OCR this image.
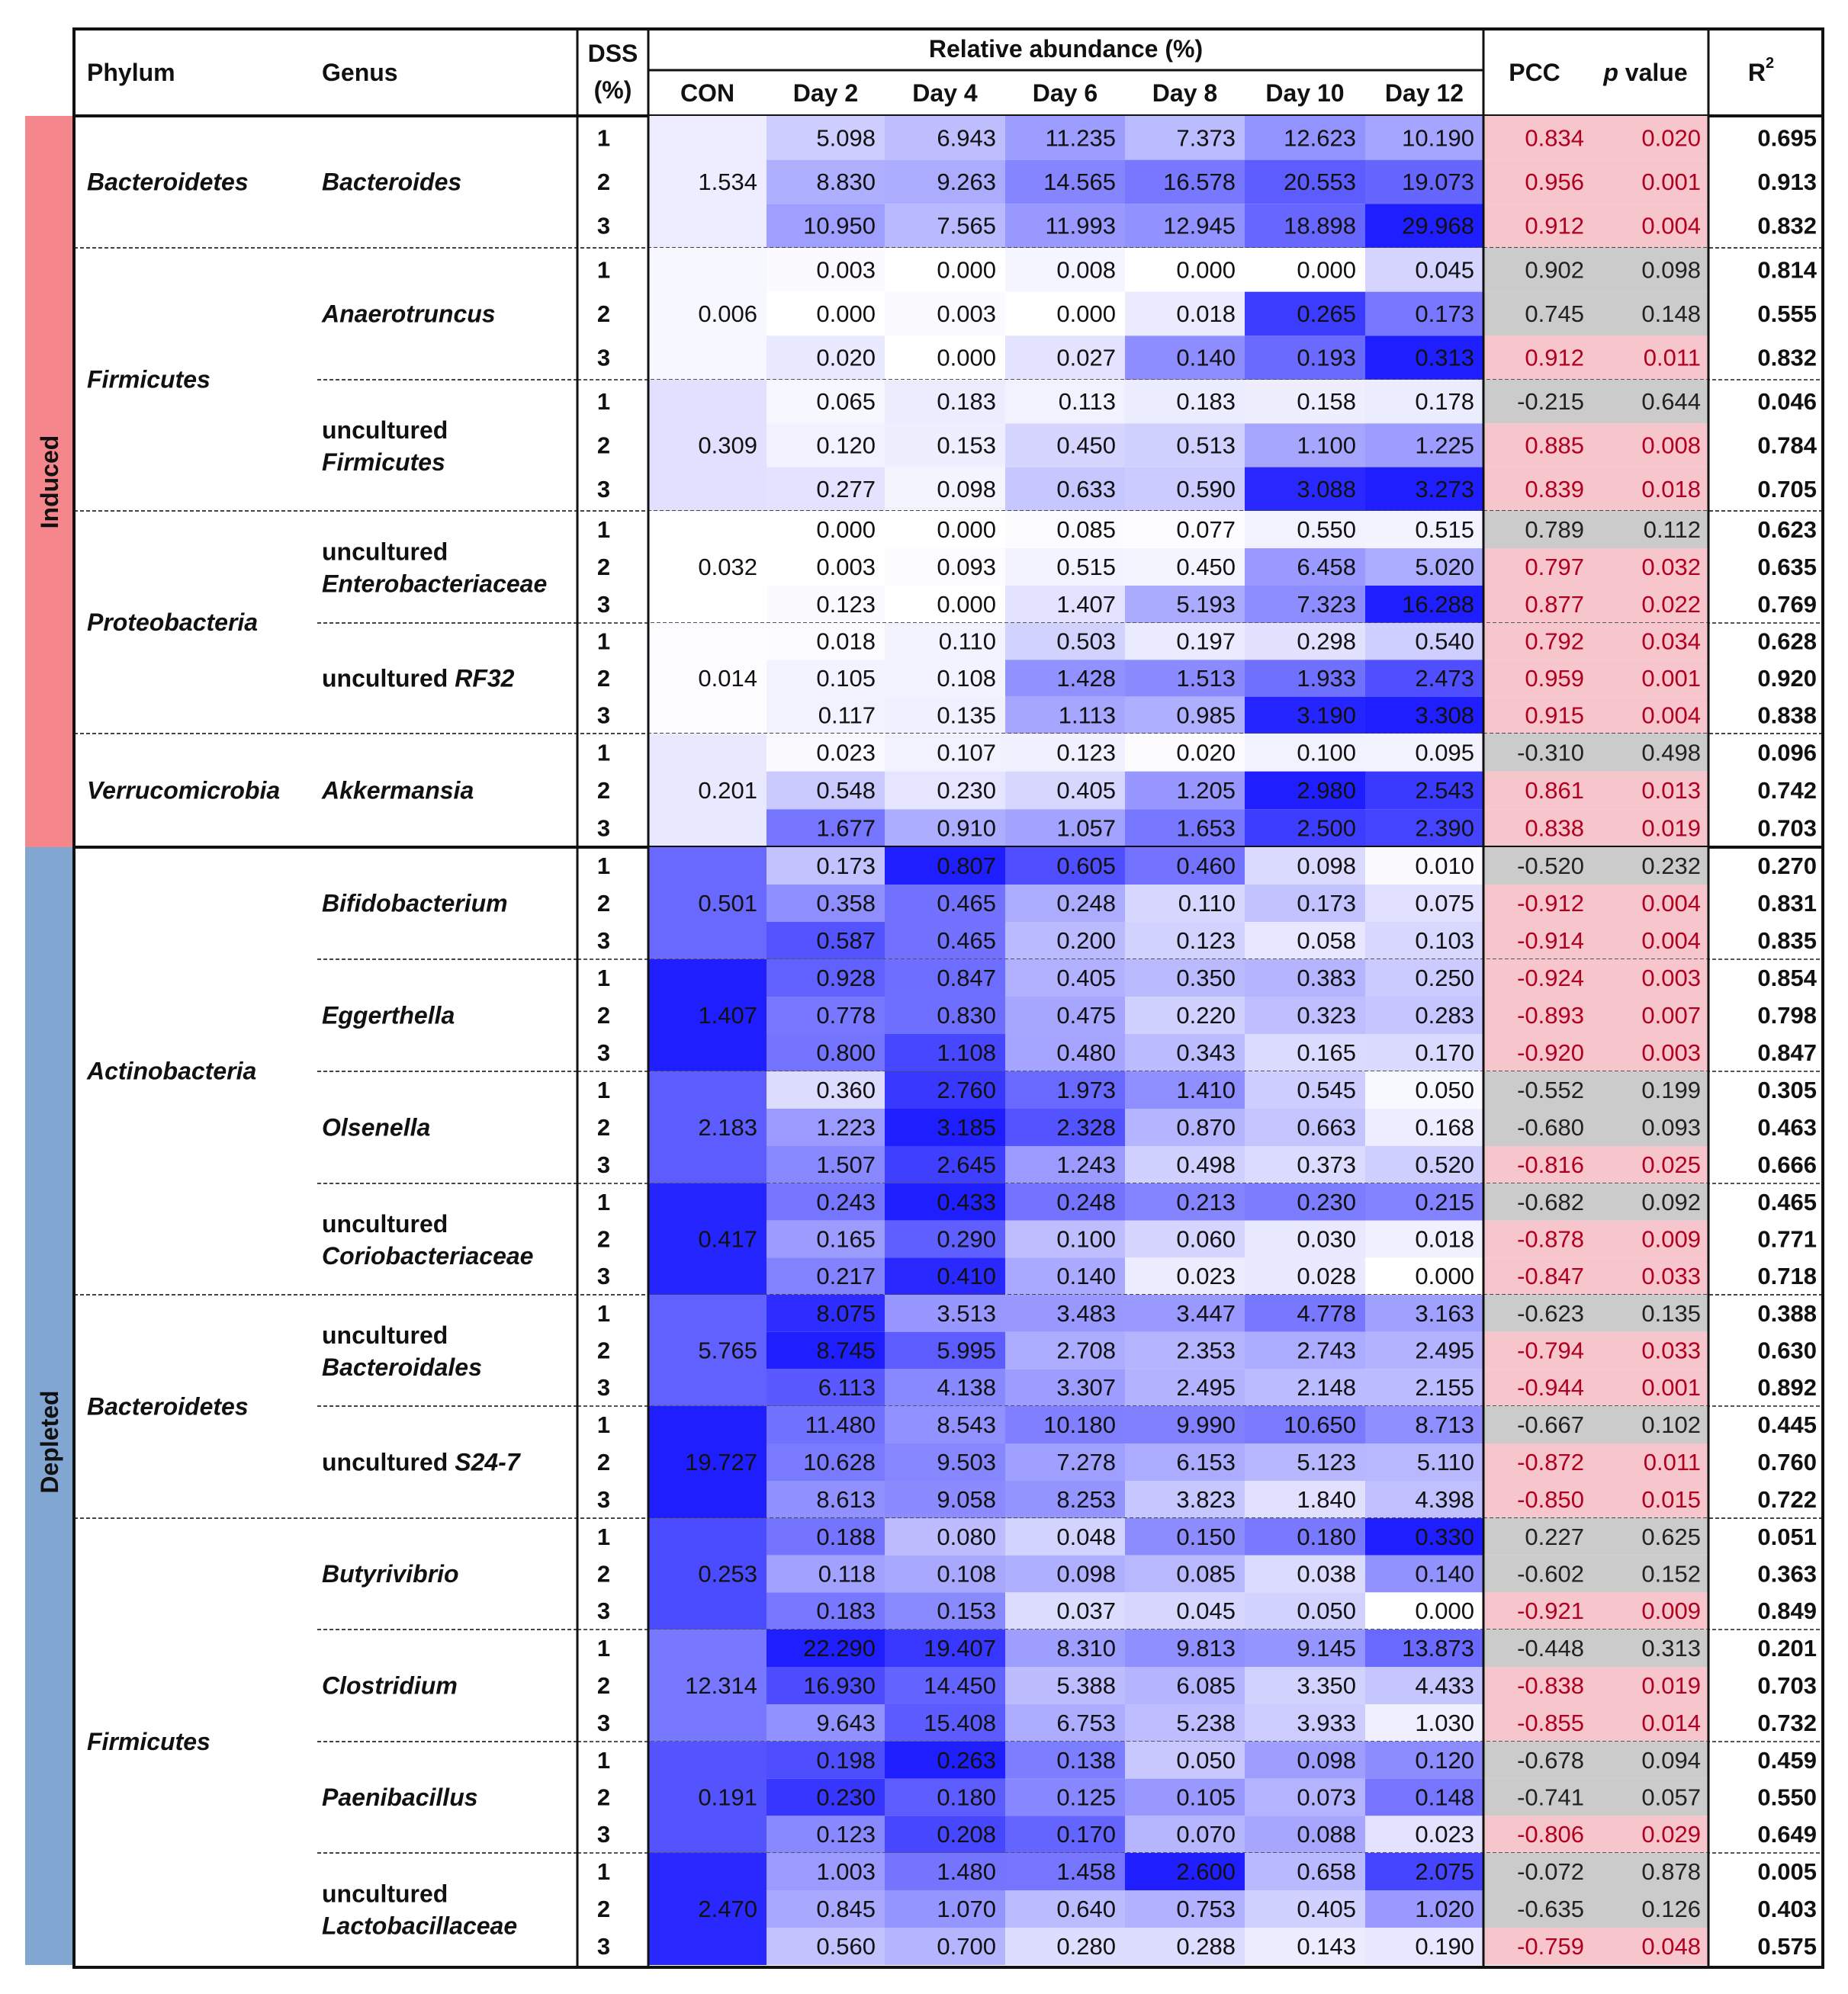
Phylum	Genus
DSS
(%)
Relative abundance (%)
CON Day 2 Day 4 Day 6 Day 8 Day 10 Day 12
PCC p value $R^2$
1.534
1	5.098	6.943 11.235	7.373 12.623 10.190 0.834 0.020 0.695
2	8.830	9.263 14.565 16.578 20.553 19.073 0.956 0.001 0.913
3	10.950	7.565 11.993 12.945 18.898 29.968 0.912 0.004 0.832
Bacteroides
Bacteroidetes
0.006
1	0.003	0.000	0.008	0.000	0.000 0.045 0.902 0.098 0.814
2	0.000	0.003	0.000	0.018	0.265 0.173 0.745 0.148 0.555
3	0.020	0.000	0.027	0.140	0.193 0.313 0.912	0.011 0.832
Anaerotruncus
0.309
1	0.065	0.183	0.113	0.183	0.158 0.178 -0.215 0.644 0.046
2	0.120	0.153	0.450	0.513	1.100 1.225 0.885 0.008 0.784
3	0.277	0.098	0.633	0.590	3.088 3.273 0.839 0.018 0.705
uncultured
Firmicutes
Firmicutes
0.032
1	0.000	0.000	0.085	0.077	0.550 0.515 0.789	0.112 0.623
2	0.003	0.093	0.515	0.450	6.458 5.020 0.797 0.032 0.635
3	0.123	0.000	1.407	5.193	7.323 16.288 0.877 0.022 0.769
uncultured
Enterobacteriaceae
0.014
1	0.018	0.110	0.503	0.197	0.298 0.540 0.792 0.034 0.628
2	0.105	0.108	1.428	1.513	1.933 2.473 0.959 0.001 0.920
3	0.117	0.135	1.113	0.985	3.190 3.308 0.915 0.004 0.838
uncultured RF32
Proteobacteria
0.201
1	0.023	0.107	0.123	0.020	0.100 0.095 -0.310 0.498 0.096
2	0.548	0.230	0.405	1.205	2.980 2.543 0.861 0.013 0.742
3	1.677	0.910	1.057	1.653	2.500 2.390 0.838 0.019 0.703
Akkermansia
Verrucomicrobia
0.501
1	0.173	0.807	0.605	0.460	0.098 0.010 -0.520 0.232 0.270
2	0.358	0.465	0.248	0.110	0.173 0.075 -0.912 0.004 0.831
3	0.587	0.465	0.200	0.123	0.058 0.103 -0.914 0.004 0.835
Bifidobacterium
1.407
1	0.928	0.847	0.405	0.350	0.383 0.250 -0.924 0.003 0.854
2	0.778	0.830	0.475	0.220	0.323 0.283 -0.893 0.007 0.798
3	0.800	1.108	0.480	0.343	0.165 0.170 -0.920 0.003 0.847
Eggerthella
2.183
1	0.360	2.760	1.973	1.410	0.545 0.050 -0.552 0.199 0.305
2	1.223	3.185	2.328	0.870	0.663 0.168 -0.680 0.093 0.463
3	1.507	2.645	1.243	0.498	0.373 0.520 -0.816 0.025 0.666
Olsenella
0.417
1	0.243	0.433	0.248	0.213	0.230 0.215 -0.682 0.092 0.465
2	0.165	0.290	0.100	0.060	0.030 0.018 -0.878 0.009 0.771
3	0.217	0.410	0.140	0.023	0.028 0.000 -0.847 0.033 0.718
uncultured
Coriobacteriaceae
Actinobacteria
5.765
1	8.075	3.513	3.483	3.447	4.778 3.163 -0.623 0.135 0.388
2	8.745	5.995	2.708	2.353	2.743 2.495 -0.794 0.033 0.630
3	6.113	4.138	3.307	2.495	2.148 2.155 -0.944 0.001 0.892
uncultured
Bacteroidales
19.727
1	11.480	8.543 10.180	9.990 10.650 8.713 -0.667 0.102 0.445
2	10.628	9.503	7.278	6.153	5.123	5.110 -0.872	0.011 0.760
3	8.613	9.058	8.253	3.823	1.840 4.398 -0.850 0.015 0.722
uncultured S24-7
Bacteroidetes
0.253
1	0.188	0.080	0.048	0.150	0.180 0.330 0.227 0.625 0.051
2	0.118	0.108	0.098	0.085	0.038 0.140 -0.602 0.152 0.363
3	0.183	0.153	0.037	0.045	0.050 0.000 -0.921 0.009 0.849
Butyrivibrio
12.314
1	22.290 19.407	8.310	9.813	9.145 13.873 -0.448 0.313 0.201
2	16.930 14.450	5.388	6.085	3.350 4.433 -0.838 0.019 0.703
3	9.643 15.408	6.753	5.238	3.933 1.030 -0.855 0.014 0.732
Clostridium
0.191
1	0.198	0.263	0.138	0.050	0.098 0.120 -0.678 0.094 0.459
2	0.230	0.180	0.125	0.105	0.073 0.148 -0.741 0.057 0.550
3	0.123	0.208	0.170	0.070	0.088 0.023 -0.806 0.029 0.649
Paenibacillus
2.470
1	1.003	1.480	1.458	2.600	0.658 2.075 -0.072 0.878 0.005
2	0.845	1.070	0.640	0.753	0.405 1.020 -0.635 0.126 0.403
3	0.560	0.700	0.280	0.288	0.143 0.190 -0.759 0.048 0.575
uncultured
Lactobacillaceae
Firmicutes
Induced
Depleted
